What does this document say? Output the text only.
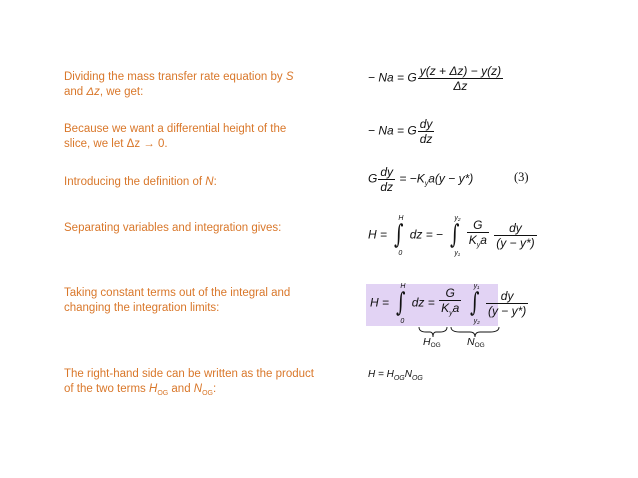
Dividing the mass transfer rate equation by S and Δz, we get:
Because we want a differential height of the slice, we let Δz → 0.
Introducing the definition of N:
Separating variables and integration gives:
Taking constant terms out of the integral and changing the integration limits:
The right-hand side can be written as the product of the two terms $H_{OG}$ and $N_{OG}$:
− Na = G $\frac{y(z + \Delta z) - y(z)}{\Delta z}$
− Na = G $\frac{dy}{dz}$
G $\frac{dy}{dz} = -K_ya(y - y*)$	(3)
H = ∫
H
0
dz = − ∫
y₂
y₁
$\frac{G}{K_ya}$
$\frac{dy}{(y - y*)}$
H = ∫
H
0
dz = $\frac{G}{K_ya}$
∫
y₁
y₂

$\frac{dy}{(y - y*)}$
$H_{OG}$	$N_{OG}$
$H = H_{OG}N_{OG}$
